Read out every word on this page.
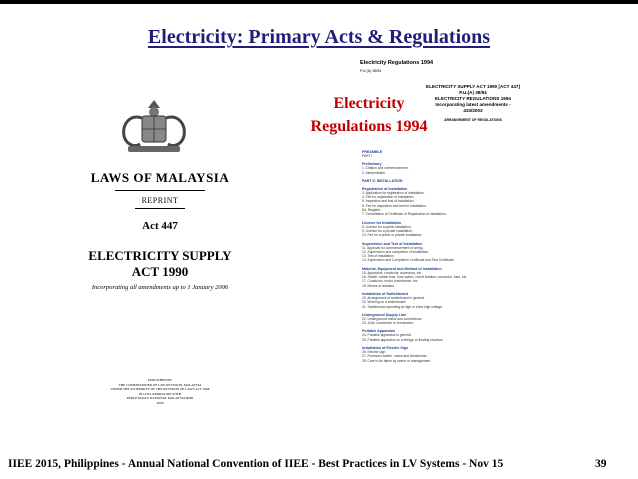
Electricity: Primary Acts & Regulations
LAWS OF MALAYSIA
REPRINT
Act 447
ELECTRICITY SUPPLY
ACT 1990
Incorporating all amendments up to 1 January 2006
PUBLISHED BY
THE COMMISSIONER OF LAW REVISION, MALAYSIA
UNDER THE AUTHORITY OF THE REVISION OF LAWS ACT 1968
IN COLLABORATION WITH
PERCETAKAN NASIONAL MALAYSIA BHD
2006
Electricity Regulations 1994
P.U.(A) 38/94
ELECTRICITY SUPPLY ACT 1990 [ACT 447]
P.U.(A) 38/94
ELECTRICITY REGULATIONS 1994
Incorporating latest amendments - 433/2003
ARRANGEMENT OF REGULATIONS
PREAMBLE
PART I
Preliminary
1. Citation and commencement.
2. Interpretation.
PART II: INSTALLATION
Registration of Installation
3. Application for registration of installation.
4. Fee for registration of installation.
5. Inspection and test of installation.
6. Fee for inspection and test for installation.
6A. Register.
7. Cancellation of Certificate of Registration of installation.
Licence for Installation
8. Licence for a public installation.
9. Licence for a private installation.
10. Fee for a public or private installation.
Supervision and Test of Installation
11. Approval for commencement of wiring.
12. Supervision and completion of installation.
13. Test of installation.
14. Supervision and Completion Certificate and Test Certificate.
Material, Equipment and Method of Installation
15. Apparatus, conductor, accessory, etc.
16. Switch, switch fuse, fuse switch, circuit breaker, connector, fuse, etc.
17. Conductor, motor, transformer, etc.
18. Means of isolation.
Installation of Switchboard
19. Arrangement of switchboard in general.
20. Working on a switchboard.
21. Switchboard operating at high or extra high voltage.
Underground Supply Line
22. Underground mains and connections.
23. Joint, connection or termination.
Portable Apparatus
24. Portable apparatus in general.
25. Portable apparatus on a dredge or floating structure.
Installation of Electric Sign
26. Electric sign.
27. Fireman's switch, notice and transformer.
28. Care to be taken by owner or management.
Electricity
Regulations 1994
IIEE 2015, Philippines - Annual National Convention of IIEE - Best Practices in LV Systems - Nov 15	39
